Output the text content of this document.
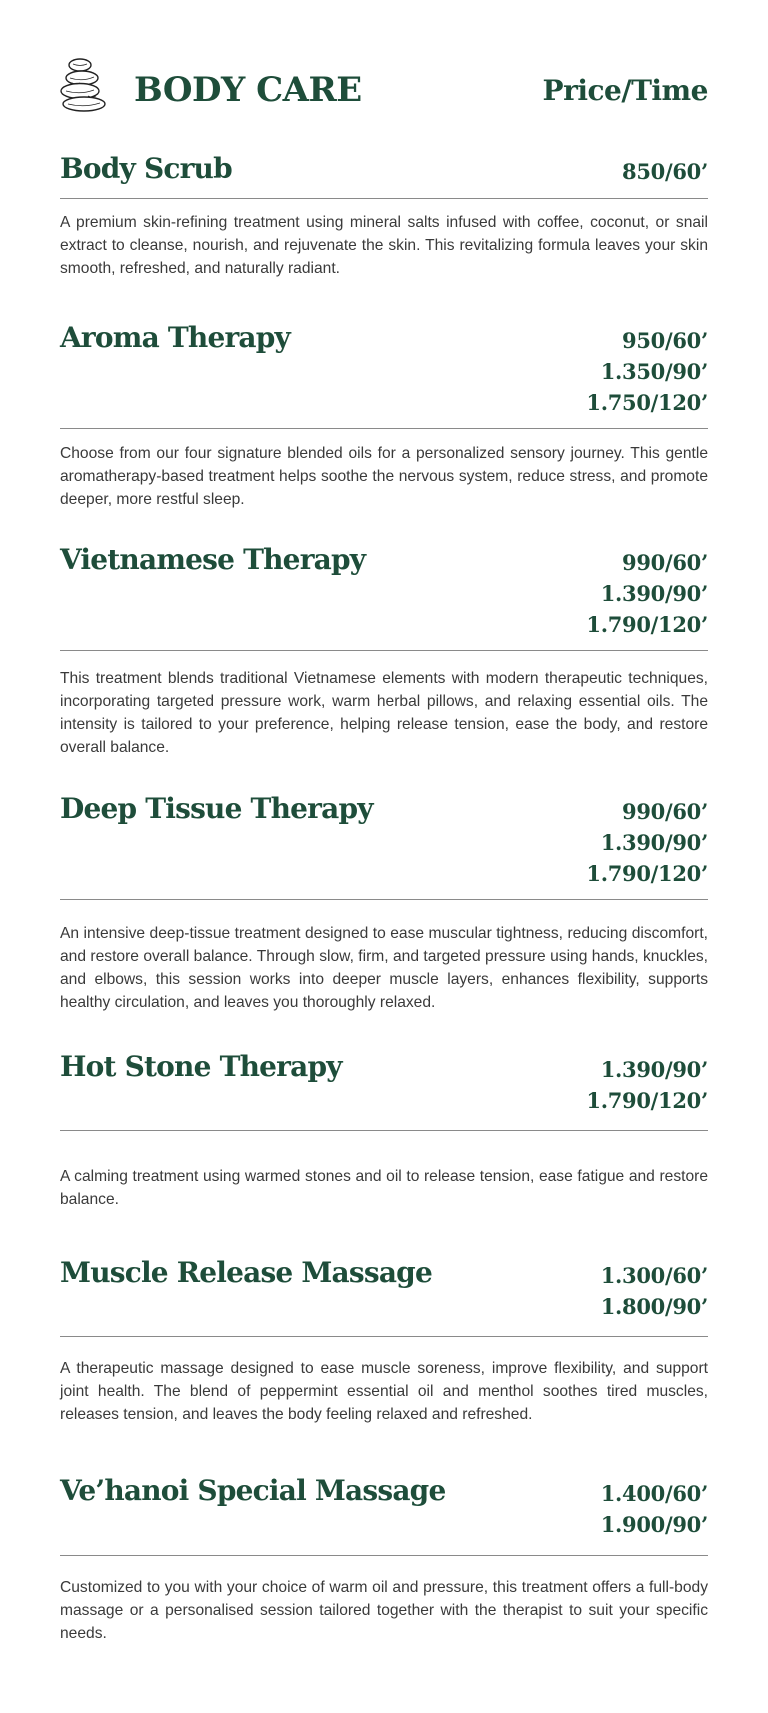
BODY CARE	Price/Time
Body Scrub	850/60’
A premium skin-refining treatment using mineral salts infused with coffee, coconut, or snail extract to cleanse, nourish, and rejuvenate the skin. This revitalizing formula leaves your skin smooth, refreshed, and naturally radiant.
Aroma Therapy	950/60’
1.350/90’
1.750/120’
Choose from our four signature blended oils for a personalized sensory journey. This gentle aromatherapy-based treatment helps soothe the nervous system, reduce stress, and promote deeper, more restful sleep.
Vietnamese Therapy	990/60’
1.390/90’
1.790/120’
This treatment blends traditional Vietnamese elements with modern therapeutic techniques, incorporating targeted pressure work, warm herbal pillows, and relaxing essential oils. The intensity is tailored to your preference, helping release tension, ease the body, and restore overall balance.
Deep Tissue Therapy	990/60’
1.390/90’
1.790/120’
An intensive deep-tissue treatment designed to ease muscular tightness, reducing discomfort, and restore overall balance. Through slow, firm, and targeted pressure using hands, knuckles, and elbows, this session works into deeper muscle layers, enhances flexibility, supports healthy circulation, and leaves you thoroughly relaxed.
Hot Stone Therapy	1.390/90’
1.790/120’
A calming treatment using warmed stones and oil to release tension, ease fatigue and restore balance.
Muscle Release Massage	1.300/60’
1.800/90’
A therapeutic massage designed to ease muscle soreness, improve flexibility, and support joint health. The blend of peppermint essential oil and menthol soothes tired muscles, releases tension, and leaves the body feeling relaxed and refreshed.
Ve’hanoi Special Massage	1.400/60’
1.900/90’
Customized to you with your choice of warm oil and pressure, this treatment offers a full-body massage or a personalised session tailored together with the therapist to suit your specific needs.
